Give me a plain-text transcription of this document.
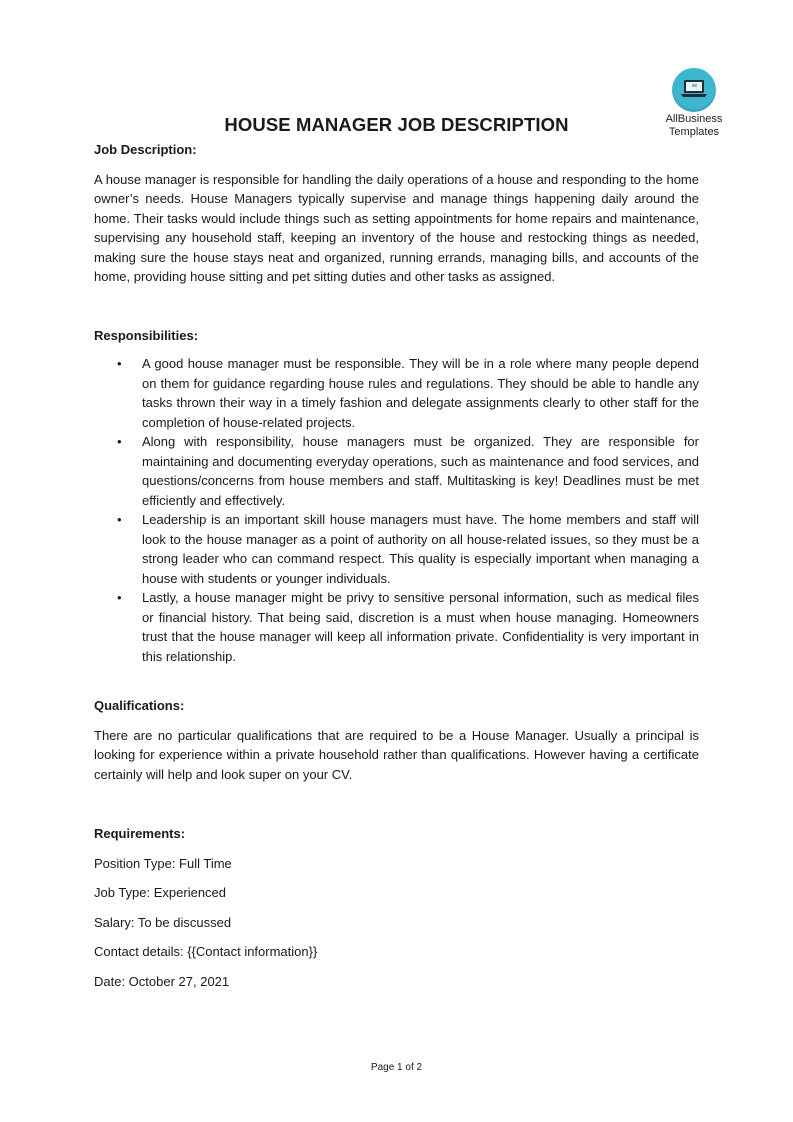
AllBusiness
Templates
HOUSE MANAGER JOB DESCRIPTION

Job Description:

A house manager is responsible for handling the daily operations of a house and responding to the home owner’s needs. House Managers typically supervise and manage things happening daily around the home. Their tasks would include things such as setting appointments for home repairs and maintenance, supervising any household staff, keeping an inventory of the house and restocking things as needed, making sure the house stays neat and organized, running errands, managing bills, and accounts of the home, providing house sitting and pet sitting duties and other tasks as assigned.

Responsibilities:

• A good house manager must be responsible. They will be in a role where many people depend on them for guidance regarding house rules and regulations. They should be able to handle any tasks thrown their way in a timely fashion and delegate assignments clearly to other staff for the completion of house-related projects.
• Along with responsibility, house managers must be organized. They are responsible for maintaining and documenting everyday operations, such as maintenance and food services, and questions/concerns from house members and staff. Multitasking is key! Deadlines must be met efficiently and effectively.
• Leadership is an important skill house managers must have. The home members and staff will look to the house manager as a point of authority on all house-related issues, so they must be a strong leader who can command respect. This quality is especially important when managing a house with students or younger individuals.
• Lastly, a house manager might be privy to sensitive personal information, such as medical files or financial history. That being said, discretion is a must when house managing. Homeowners trust that the house manager will keep all information private. Confidentiality is very important in this relationship.

Qualifications:

There are no particular qualifications that are required to be a House Manager. Usually a principal is looking for experience within a private household rather than qualifications. However having a certificate certainly will help and look super on your CV.

Requirements:

Position Type: Full Time

Job Type: Experienced

Salary: To be discussed

Contact details: {{Contact information}}

Date: October 27, 2021

Page 1 of 2
